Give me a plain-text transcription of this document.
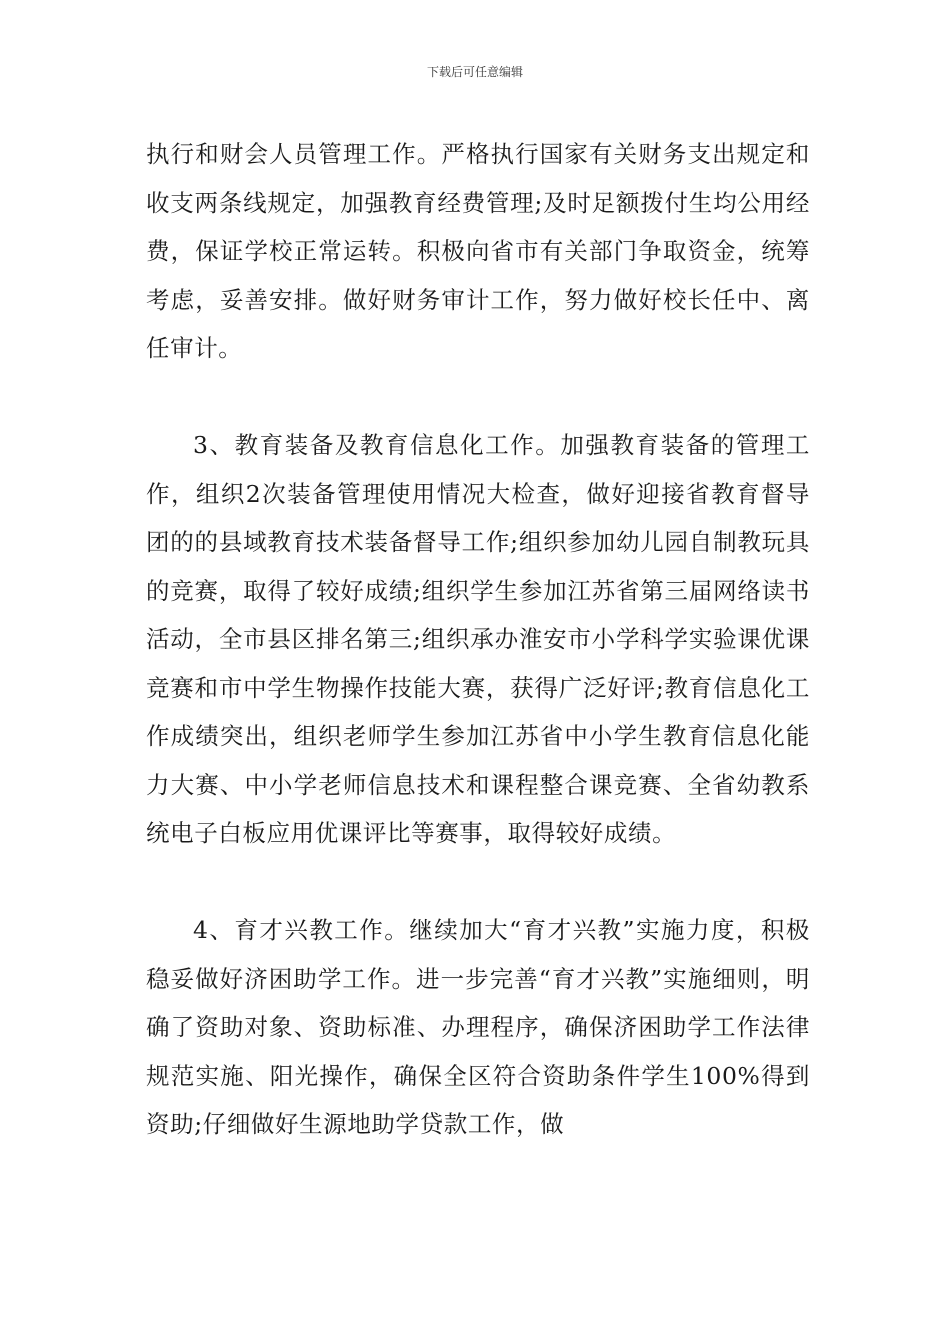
下载后可任意编辑

执行和财会人员管理工作。严格执行国家有关财务支出规定和收支两条线规定，加强教育经费管理;及时足额拨付生均公用经费，保证学校正常运转。积极向省市有关部门争取资金，统筹考虑，妥善安排。做好财务审计工作，努力做好校长任中、离任审计。

3、教育装备及教育信息化工作。加强教育装备的管理工作，组织2次装备管理使用情况大检查，做好迎接省教育督导团的的县域教育技术装备督导工作;组织参加幼儿园自制教玩具的竞赛，取得了较好成绩;组织学生参加江苏省第三届网络读书活动，全市县区排名第三;组织承办淮安市小学科学实验课优课竞赛和市中学生物操作技能大赛，获得广泛好评;教育信息化工作成绩突出，组织老师学生参加江苏省中小学生教育信息化能力大赛、中小学老师信息技术和课程整合课竞赛、全省幼教系统电子白板应用优课评比等赛事，取得较好成绩。

4、育才兴教工作。继续加大“育才兴教”实施力度，积极稳妥做好济困助学工作。进一步完善“育才兴教”实施细则，明确了资助对象、资助标准、办理程序，确保济困助学工作法律规范实施、阳光操作，确保全区符合资助条件学生100%得到资助;仔细做好生源地助学贷款工作，做
